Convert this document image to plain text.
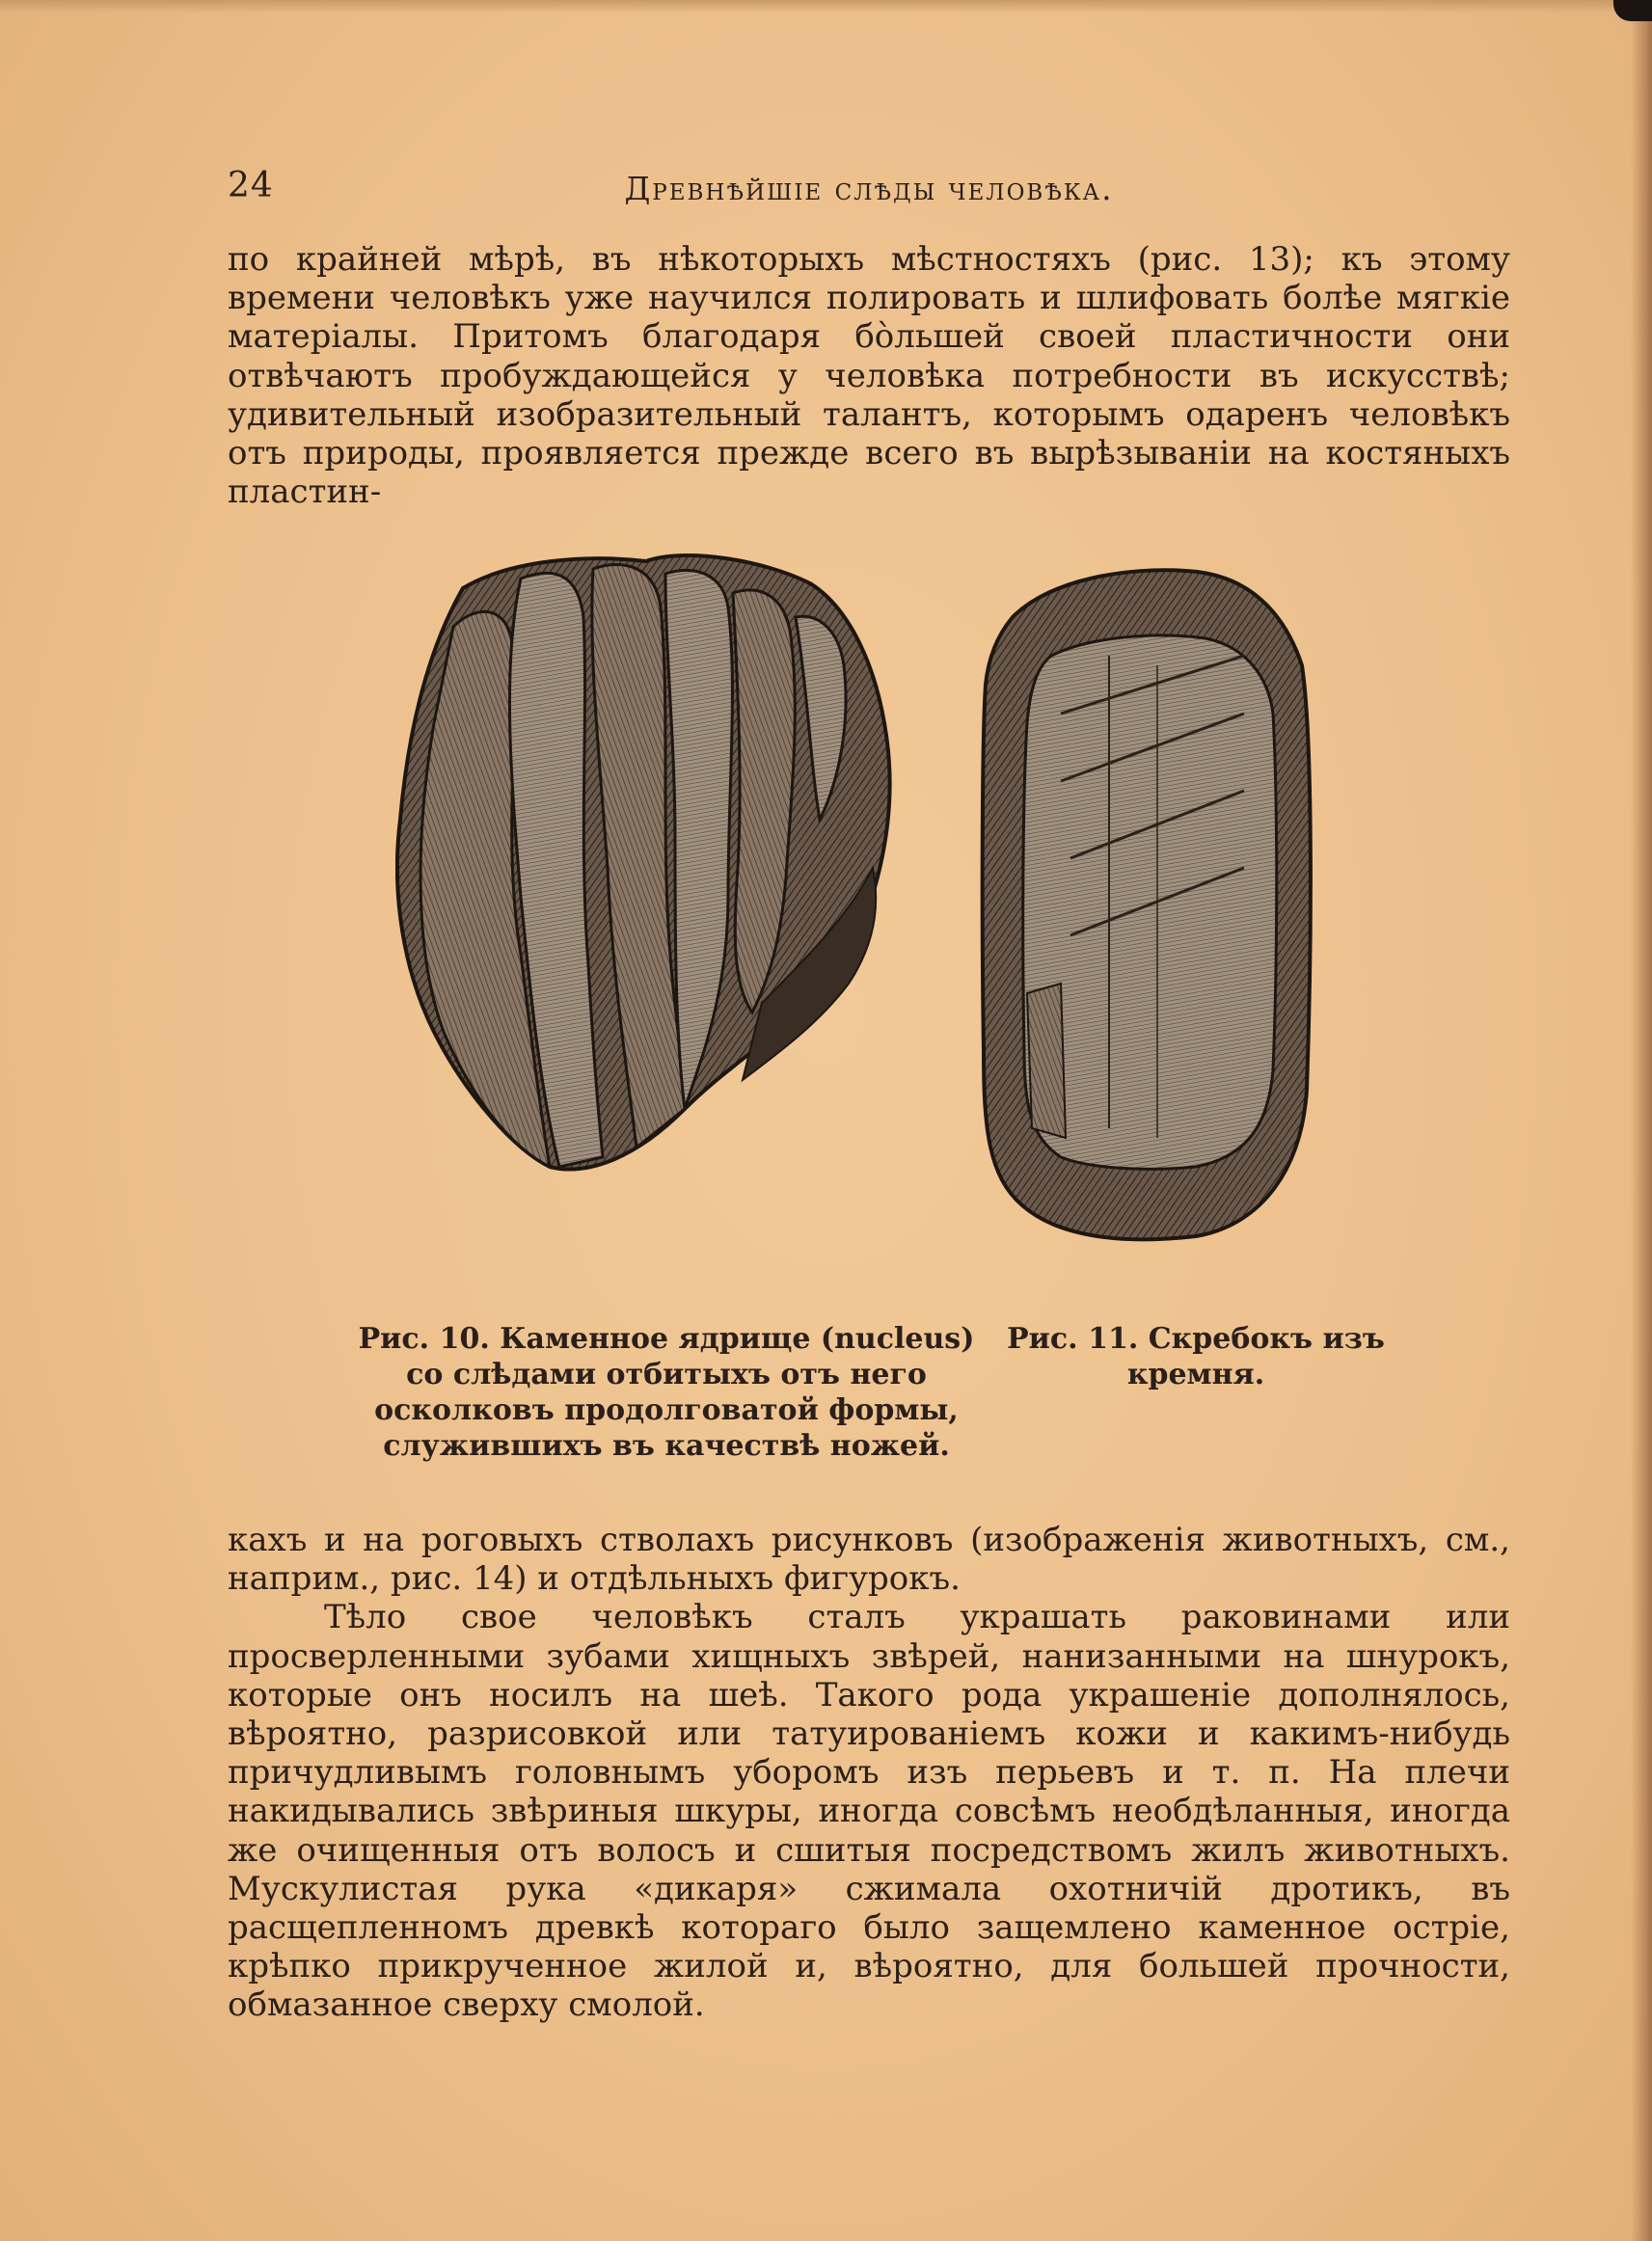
24	Древнѣйшіе слѣды человѣка.

по крайней мѣрѣ, въ нѣкоторыхъ мѣстностяхъ (рис. 13); къ этому времени человѣкъ уже научился полировать и шлифовать болѣе мягкіе матеріалы. Притомъ благодаря бо̀льшей своей пластичности они отвѣчаютъ пробуждающейся у человѣка потребности въ искусствѣ; удивительный изобразительный талантъ, которымъ одаренъ человѣкъ отъ природы, проявляется прежде всего въ вырѣзываніи на костяныхъ пластин-

Рис. 10. Каменное ядрище (nucleus) со слѣдами отбитыхъ отъ него осколковъ продолговатой формы, служившихъ въ качествѣ ножей.
Рис. 11. Скребокъ изъ кремня.
кахъ и на роговыхъ стволахъ рисунковъ (изображенія животныхъ, см., наприм., рис. 14) и отдѣльныхъ фигурокъ.
Тѣло свое человѣкъ сталъ украшать раковинами или просверленными зубами хищныхъ звѣрей, нанизанными на шнурокъ, которые онъ носилъ на шеѣ. Такого рода украшеніе дополнялось, вѣроятно, разрисовкой или татуированіемъ кожи и какимъ-нибудь причудливымъ головнымъ уборомъ изъ перьевъ и т. п. На плечи накидывались звѣриныя шкуры, иногда совсѣмъ необдѣланныя, иногда же очищенныя отъ волосъ и сшитыя посредствомъ жилъ животныхъ. Мускулистая рука «дикаря» сжимала охотничій дротикъ, въ расщепленномъ древкѣ котораго было защемлено каменное остріе, крѣпко прикрученное жилой и, вѣроятно, для большей прочности, обмазанное сверху смолой.
